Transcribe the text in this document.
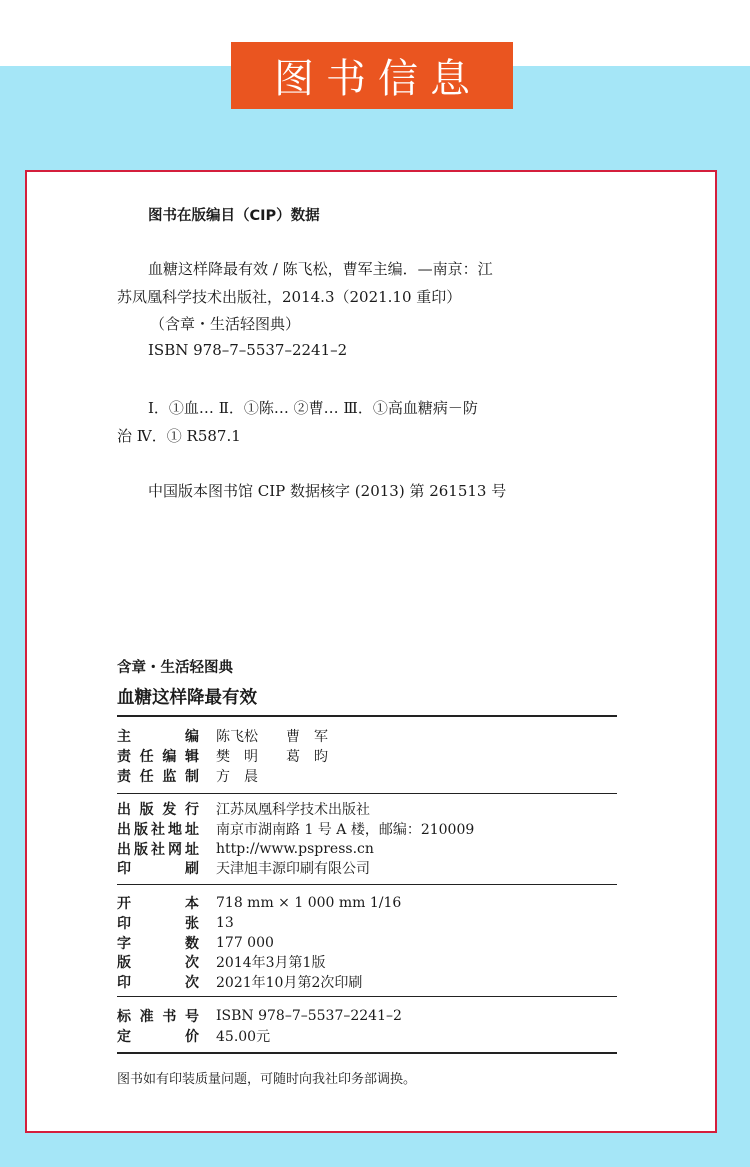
图书信息
图书在版编目（CIP）数据
血糖这样降最有效 / 陈飞松，曹军主编．—南京：江
苏凤凰科学技术出版社，2014.3（2021.10 重印）
（含章・生活轻图典）
ISBN 978–7–5537–2241–2
Ⅰ．①血… Ⅱ．①陈… ②曹… Ⅲ．①高血糖病－防
治 Ⅳ．① R587.1
中国版本图书馆 CIP 数据核字 (2013) 第 261513 号
含章・生活轻图典
血糖这样降最有效
主	编 陈飞松　　曹　军
责 任 编 辑 樊　明　　葛　昀
责 任 监 制 方　晨
出 版 发 行 江苏凤凰科学技术出版社
出 版 社 地 址 南京市湖南路 1 号 A 楼，邮编：210009
出 版 社 网 址 http://www.pspress.cn
印	刷 天津旭丰源印刷有限公司
开	本 718 mm × 1 000 mm 1/16
印	张 13
字	数 177 000
版	次 2014年3月第1版
印	次 2021年10月第2次印刷
标 准 书 号 ISBN 978–7–5537–2241–2
定	价 45.00元
图书如有印装质量问题，可随时向我社印务部调换。
